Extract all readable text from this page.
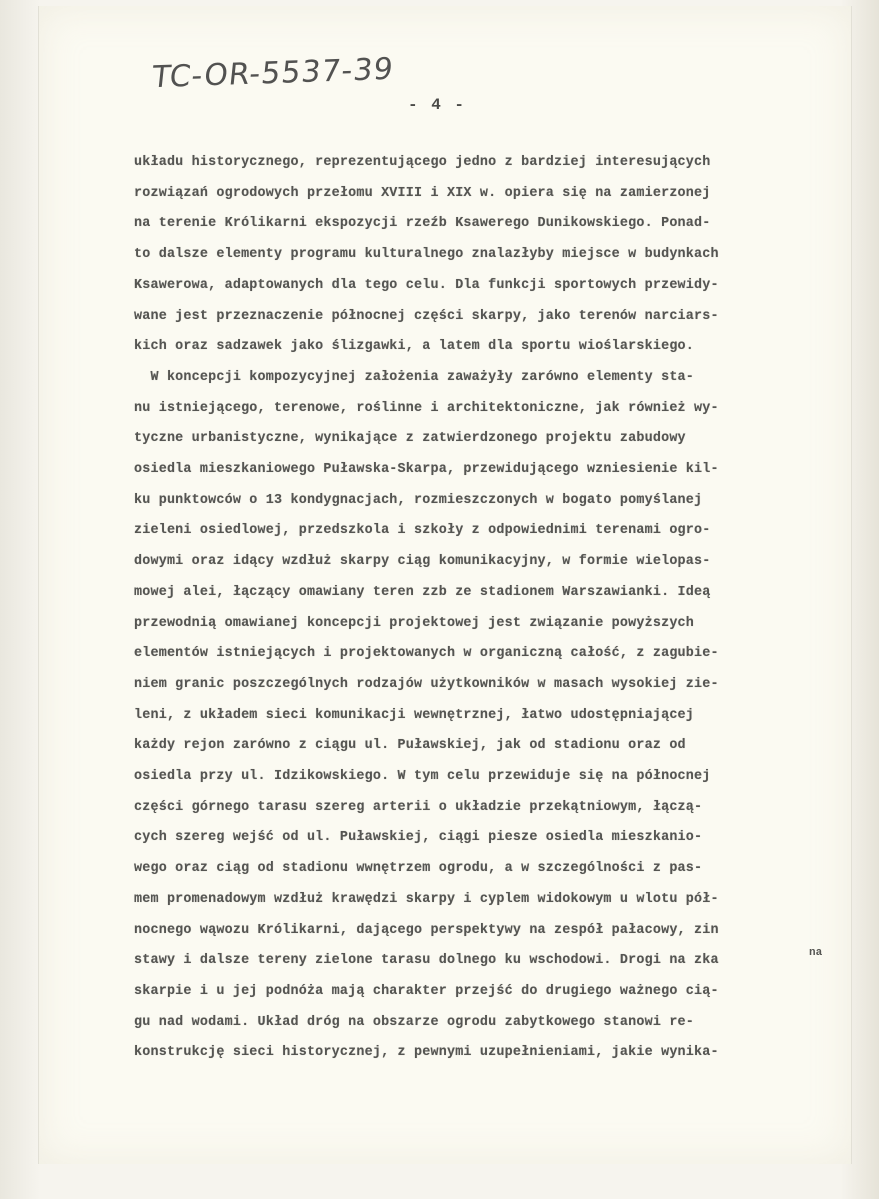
TC-OR-5537-39
- 4 -
układu historycznego, reprezentującego jedno z bardziej interesujących
rozwiązań ogrodowych przełomu XVIII i XIX w. opiera się na zamierzonej
na terenie Królikarni ekspozycji rzeźb Ksawerego Dunikowskiego. Ponad-
to dalsze elementy programu kulturalnego znalazłyby miejsce w budynkach
Ksawerowa, adaptowanych dla tego celu. Dla funkcji sportowych przewidy-
wane jest przeznaczenie północnej części skarpy, jako terenów narciars-
kich oraz sadzawek jako ślizgawki, a latem dla sportu wioślarskiego.
W koncepcji kompozycyjnej założenia zaważyły zarówno elementy sta-
nu istniejącego, terenowe, roślinne i architektoniczne, jak również wy-
tyczne urbanistyczne, wynikające z zatwierdzonego projektu zabudowy
osiedla mieszkaniowego Puławska-Skarpa, przewidującego wzniesienie kil-
ku punktowców o 13 kondygnacjach, rozmieszczonych w bogato pomyślanej
zieleni osiedlowej, przedszkola i szkoły z odpowiednimi terenami ogro-
dowymi oraz idący wzdłuż skarpy ciąg komunikacyjny, w formie wielopas-
mowej alei, łączący omawiany teren zzb ze stadionem Warszawianki. Ideą
przewodnią omawianej koncepcji projektowej jest związanie powyższych
elementów istniejących i projektowanych w organiczną całość, z zagubie-
niem granic poszczególnych rodzajów użytkowników w masach wysokiej zie-
leni, z układem sieci komunikacji wewnętrznej, łatwo udostępniającej
każdy rejon zarówno z ciągu ul. Puławskiej, jak od stadionu oraz od
osiedla przy ul. Idzikowskiego. W tym celu przewiduje się na północnej
części górnego tarasu szereg arterii o układzie przekątniowym, łączą-
cych szereg wejść od ul. Puławskiej, ciągi piesze osiedla mieszkanio-
wego oraz ciąg od stadionu wwnętrzem ogrodu, a w szczególności z pas-
mem promenadowym wzdłuż krawędzi skarpy i cyplem widokowym u wlotu pół-
nocnego wąwozu Królikarni, dającego perspektywy na zespół pałacowy, zin
stawy i dalsze tereny zielone tarasu dolnego ku wschodowi. Drogi na zka
skarpie i u jej podnóża mają charakter przejść do drugiego ważnego cią-
gu nad wodami. Układ dróg na obszarze ogrodu zabytkowego stanowi re-
konstrukcję sieci historycznej, z pewnymi uzupełnieniami, jakie wynika-
na
